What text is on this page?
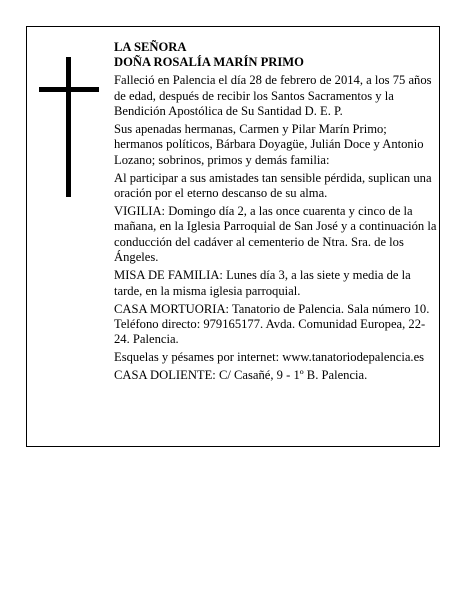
LA SEÑORA

DOÑA ROSALÍA MARÍN PRIMO

Falleció en Palencia el día 28 de febrero de 2014, a los 75 años de edad, después de recibir los Santos Sacramentos y la Bendición Apostólica de Su Santidad D. E. P.

Sus apenadas hermanas, Carmen y Pilar Marín Primo; hermanos políticos, Bárbara Doyagüe, Julián Doce y Antonio Lozano; sobrinos, primos y demás familia:

Al participar a sus amistades tan sensible pérdida, suplican una oración por el eterno descanso de su alma.

VIGILIA: Domingo día 2, a las once cuarenta y cinco de la mañana, en la Iglesia Parroquial de San José y a continuación la conducción del cadáver al cementerio de Ntra. Sra. de los Ángeles.

MISA DE FAMILIA: Lunes día 3, a las siete y media de la tarde, en la misma iglesia parroquial.

CASA MORTUORIA: Tanatorio de Palencia. Sala número 10. Teléfono directo: 979165177. Avda. Comunidad Europea, 22-24. Palencia.

Esquelas y pésames por internet: www.tanatoriodepalencia.es

CASA DOLIENTE: C/ Casañé, 9 - 1º B. Palencia.
